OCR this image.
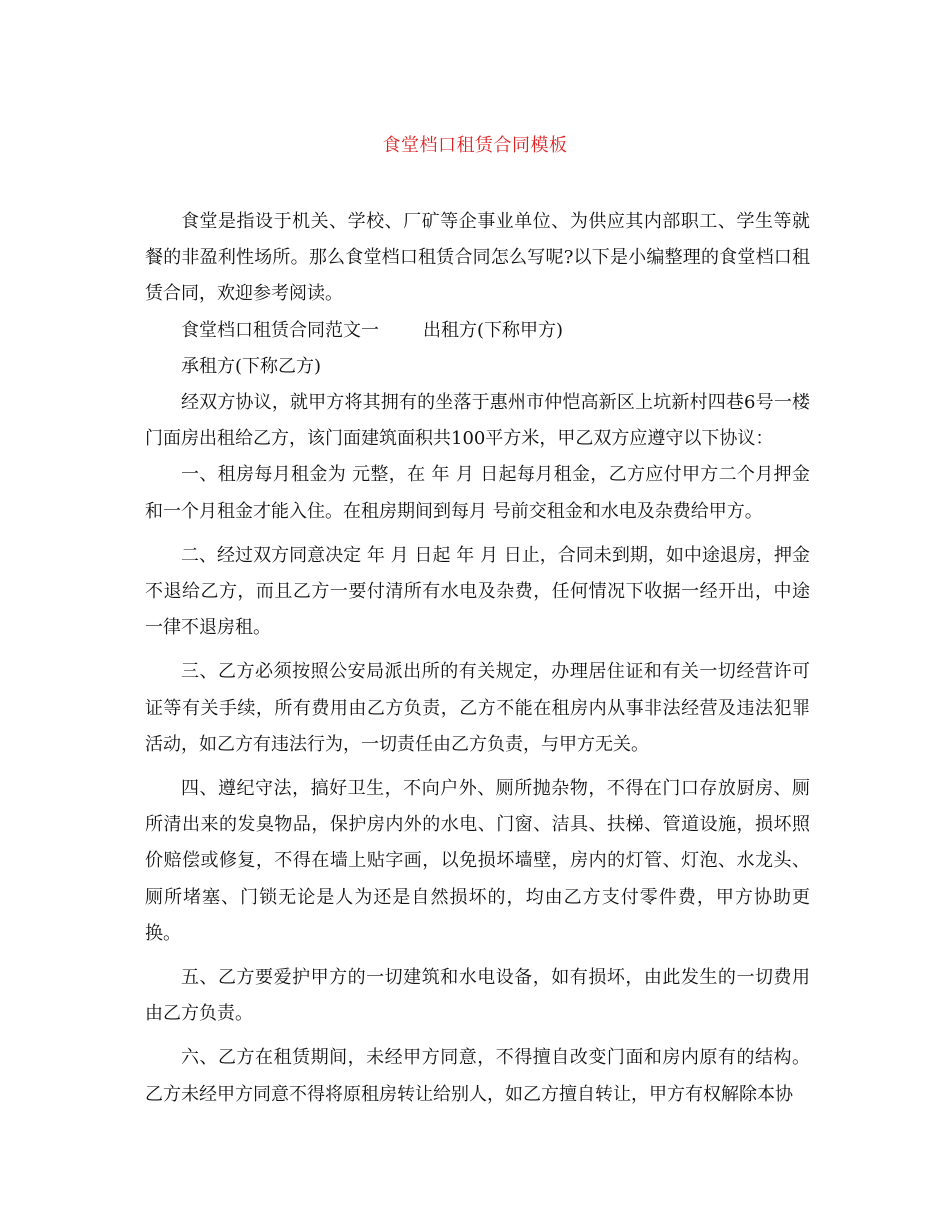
食堂档口租赁合同模板

食堂是指设于机关、学校、厂矿等企事业单位、为供应其内部职工、学生等就餐的非盈利性场所。那么食堂档口租赁合同怎么写呢?以下是小编整理的食堂档口租赁合同，欢迎参考阅读。

食堂档口租赁合同范文一 出租方(下称甲方)

承租方(下称乙方)

经双方协议，就甲方将其拥有的坐落于惠州市仲恺高新区上坑新村四巷6号一楼门面房出租给乙方，该门面建筑面积共100平方米，甲乙双方应遵守以下协议：

一、租房每月租金为 元整，在 年 月 日起每月租金，乙方应付甲方二个月押金和一个月租金才能入住。在租房期间到每月 号前交租金和水电及杂费给甲方。

二、经过双方同意决定 年 月 日起 年 月 日止，合同未到期，如中途退房，押金不退给乙方，而且乙方一要付清所有水电及杂费，任何情况下收据一经开出，中途一律不退房租。

三、乙方必须按照公安局派出所的有关规定，办理居住证和有关一切经营许可证等有关手续，所有费用由乙方负责，乙方不能在租房内从事非法经营及违法犯罪活动，如乙方有违法行为，一切责任由乙方负责，与甲方无关。

四、遵纪守法，搞好卫生，不向户外、厕所抛杂物，不得在门口存放厨房、厕所清出来的发臭物品，保护房内外的水电、门窗、洁具、扶梯、管道设施，损坏照价赔偿或修复，不得在墙上贴字画，以免损坏墙壁，房内的灯管、灯泡、水龙头、厕所堵塞、门锁无论是人为还是自然损坏的，均由乙方支付零件费，甲方协助更换。

五、乙方要爱护甲方的一切建筑和水电设备，如有损坏，由此发生的一切费用由乙方负责。

六、乙方在租赁期间，未经甲方同意，不得擅自改变门面和房内原有的结构。乙方未经甲方同意不得将原租房转让给别人，如乙方擅自转让，甲方有权解除本协
